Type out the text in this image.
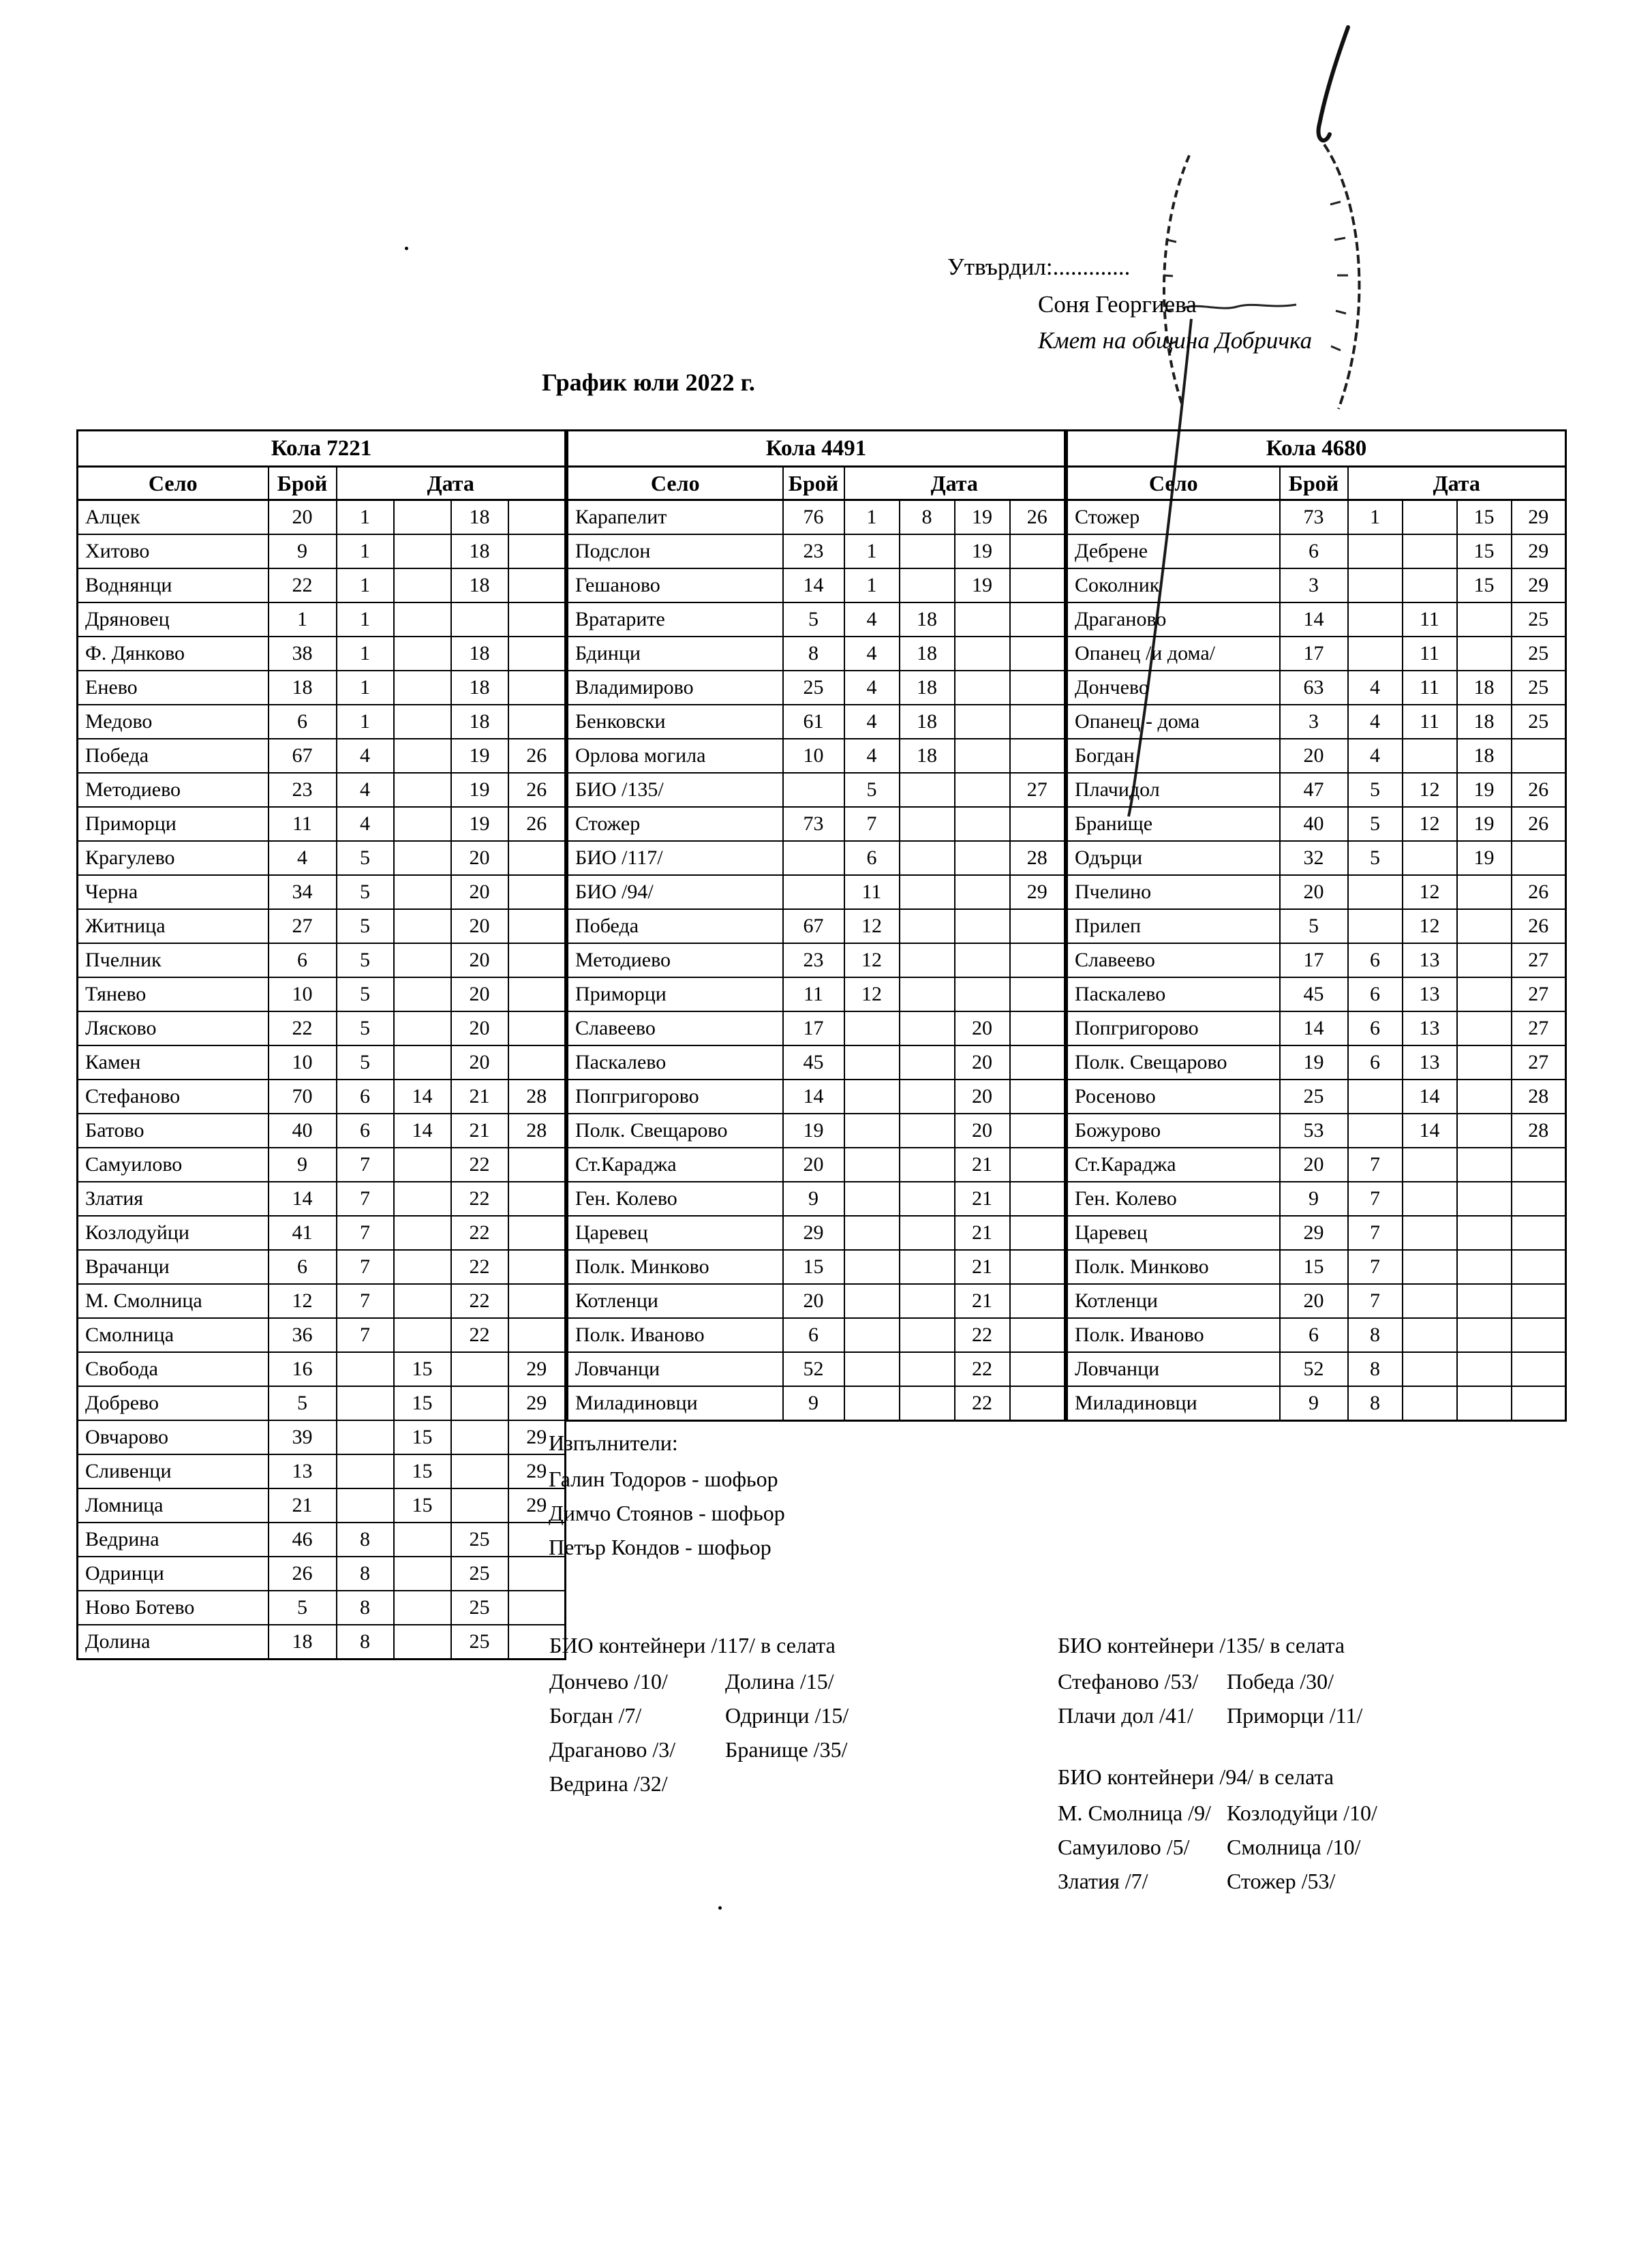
Утвърдил:.............
Соня Георгиева
Кмет на община Добричка
График юли 2022 г.
Кола 7221					
Село	Брой	Дата			
Алцек	20	1		18	
Хитово	9	1		18	
Воднянци	22	1		18	
Дряновец	1	1			
Ф. Дянково	38	1		18	
Енево	18	1		18	
Медово	6	1		18	
Победа	67	4		19	26
Методиево	23	4		19	26
Приморци	11	4		19	26
Крагулево	4	5		20	
Черна	34	5		20	
Житница	27	5		20	
Пчелник	6	5		20	
Тянево	10	5		20	
Лясково	22	5		20	
Камен	10	5		20	
Стефаново	70	6	14	21	28
Батово	40	6	14	21	28
Самуилово	9	7		22	
Златия	14	7		22	
Козлодуйци	41	7		22	
Врачанци	6	7		22	
М. Смолница	12	7		22	
Смолница	36	7		22	
Свобода	16		15		29
Добрево	5		15		29
Овчарово	39		15		29
Сливенци	13		15		29
Ломница	21		15		29
Ведрина	46	8		25	
Одринци	26	8		25	
Ново Ботево	5	8		25	
Долина	18	8		25	
Кола 4491					
Село	Брой	Дата			
Карапелит	76	1	8	19	26
Подслон	23	1		19	
Гешаново	14	1		19	
Вратарите	5	4	18		
Бдинци	8	4	18		
Владимирово	25	4	18		
Бенковски	61	4	18		
Орлова могила	10	4	18		
БИО /135/		5			27
Стожер	73	7			
БИО /117/		6			28
БИО /94/		11			29
Победа	67	12			
Методиево	23	12			
Приморци	11	12			
Славеево	17			20	
Паскалево	45			20	
Попгригорово	14			20	
Полк. Свещарово	19			20	
Ст.Караджа	20			21	
Ген. Колево	9			21	
Царевец	29			21	
Полк. Минково	15			21	
Котленци	20			21	
Полк. Иваново	6			22	
Ловчанци	52			22	
Миладиновци	9			22	
Кола 4680					
Село	Брой	Дата			
Стожер	73	1		15	29
Дебрене	6			15	29
Соколник	3			15	29
Драганово	14		11		25
Опанец /и дома/	17		11		25
Дончево	63	4	11	18	25
Опанец - дома	3	4	11	18	25
Богдан	20	4		18	
Плачидол	47	5	12	19	26
Бранище	40	5	12	19	26
Одърци	32	5		19	
Пчелино	20		12		26
Прилеп	5		12		26
Славеево	17	6	13		27
Паскалево	45	6	13		27
Попгригорово	14	6	13		27
Полк. Свещарово	19	6	13		27
Росеново	25		14		28
Божурово	53		14		28
Ст.Караджа	20	7			
Ген. Колево	9	7			
Царевец	29	7			
Полк. Минково	15	7			
Котленци	20	7			
Полк. Иваново	6	8			
Ловчанци	52	8			
Миладиновци	9	8			
Изпълнители:
Галин Тодоров - шофьор
Димчо Стоянов - шофьор
Петър Кондов - шофьор
БИО контейнери /117/ в селата
Дончево /10/	Долина /15/
Богдан /7/	Одринци /15/
Драганово /3/	Бранище /35/
Ведрина /32/
БИО контейнери /135/ в селата
Стефаново /53/	Победа /30/
Плачи дол /41/	Приморци /11/
БИО контейнери /94/ в селата
М. Смолница /9/ Козлодуйци /10/
Самуилово /5/	Смолница /10/
Златия /7/	Стожер /53/
